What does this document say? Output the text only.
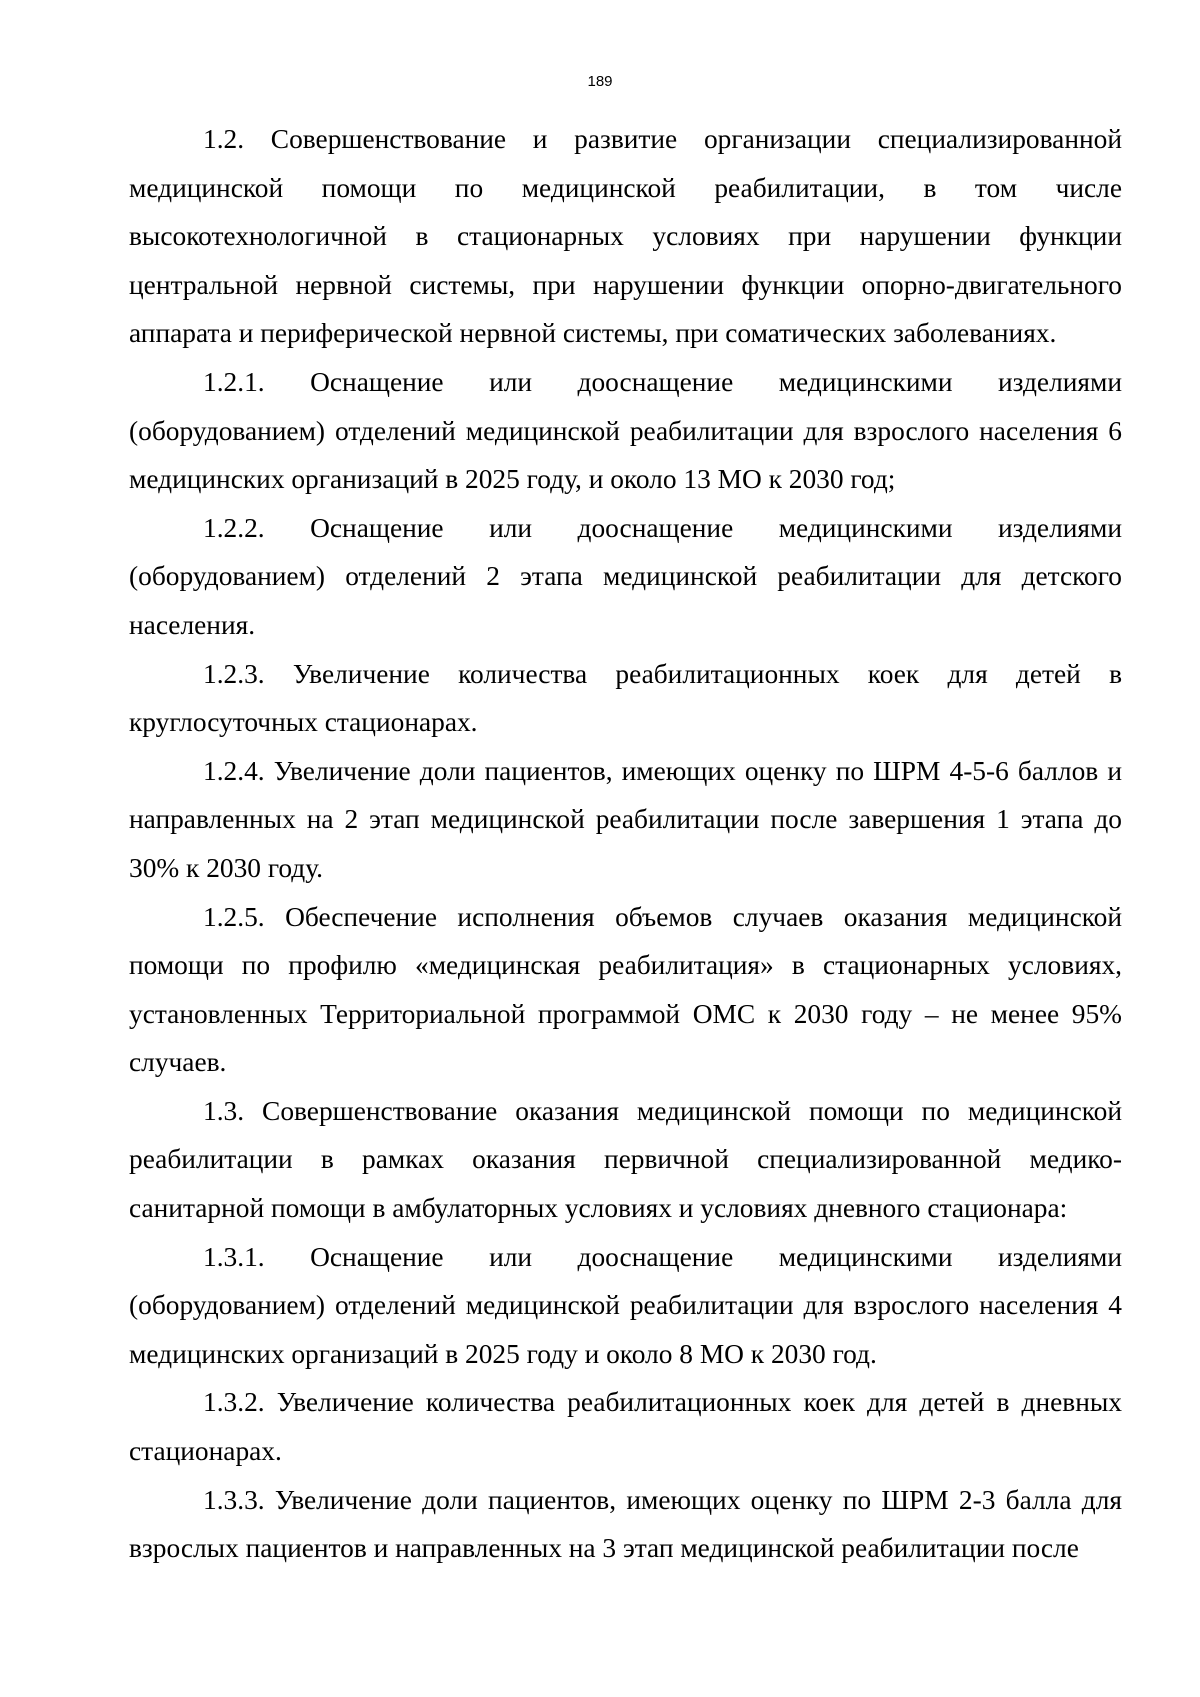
189

1.2. Совершенствование и развитие организации специализированной медицинской помощи по медицинской реабилитации, в том числе высокотехнологичной в стационарных условиях при нарушении функции центральной нервной системы, при нарушении функции опорно-двигательного аппарата и периферической нервной системы, при соматических заболеваниях.

1.2.1. Оснащение или дооснащение медицинскими изделиями (оборудованием) отделений медицинской реабилитации для взрослого населения 6 медицинских организаций в 2025 году, и около 13 МО к 2030 год;

1.2.2. Оснащение или дооснащение медицинскими изделиями (оборудованием) отделений 2 этапа медицинской реабилитации для детского населения.

1.2.3. Увеличение количества реабилитационных коек для детей в круглосуточных стационарах.

1.2.4. Увеличение доли пациентов, имеющих оценку по ШРМ 4-5-6 баллов и направленных на 2 этап медицинской реабилитации после завершения 1 этапа до 30% к 2030 году.

1.2.5. Обеспечение исполнения объемов случаев оказания медицинской помощи по профилю «медицинская реабилитация» в стационарных условиях, установленных Территориальной программой ОМС к 2030 году – не менее 95% случаев.

1.3. Совершенствование оказания медицинской помощи по медицинской реабилитации в рамках оказания первичной специализированной медико-санитарной помощи в амбулаторных условиях и условиях дневного стационара:

1.3.1. Оснащение или дооснащение медицинскими изделиями (оборудованием) отделений медицинской реабилитации для взрослого населения 4 медицинских организаций в 2025 году и около 8 МО к 2030 год.

1.3.2. Увеличение количества реабилитационных коек для детей в дневных стационарах.

1.3.3. Увеличение доли пациентов, имеющих оценку по ШРМ 2-3 балла для взрослых пациентов и направленных на 3 этап медицинской реабилитации после
